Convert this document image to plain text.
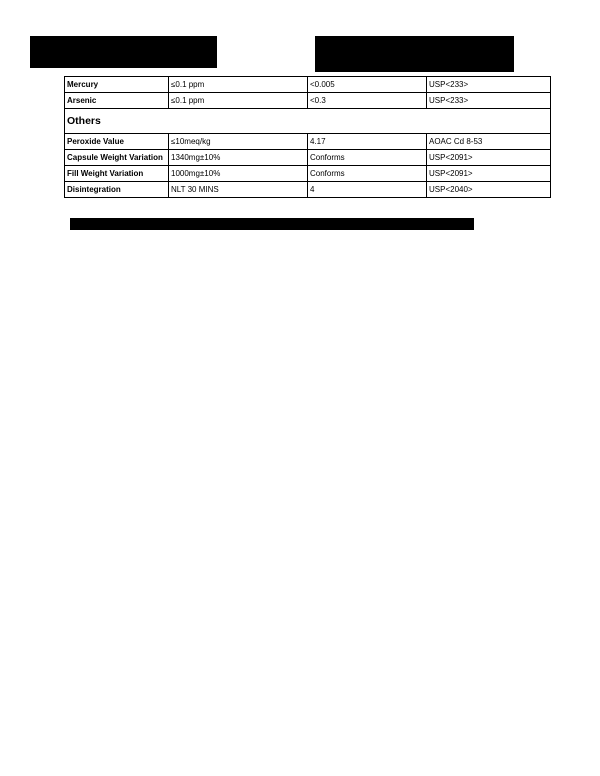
Mercury	≤0.1 ppm	<0.005	USP<233>
Arsenic	≤0.1 ppm	<0.3	USP<233>
Others			
Peroxide Value	≤10meq/kg	4.17	AOAC Cd 8-53
Capsule Weight Variation	1340mg±10%	Conforms	USP<2091>
Fill Weight Variation	1000mg±10%	Conforms	USP<2091>
Disintegration	NLT 30 MINS	4	USP<2040>
